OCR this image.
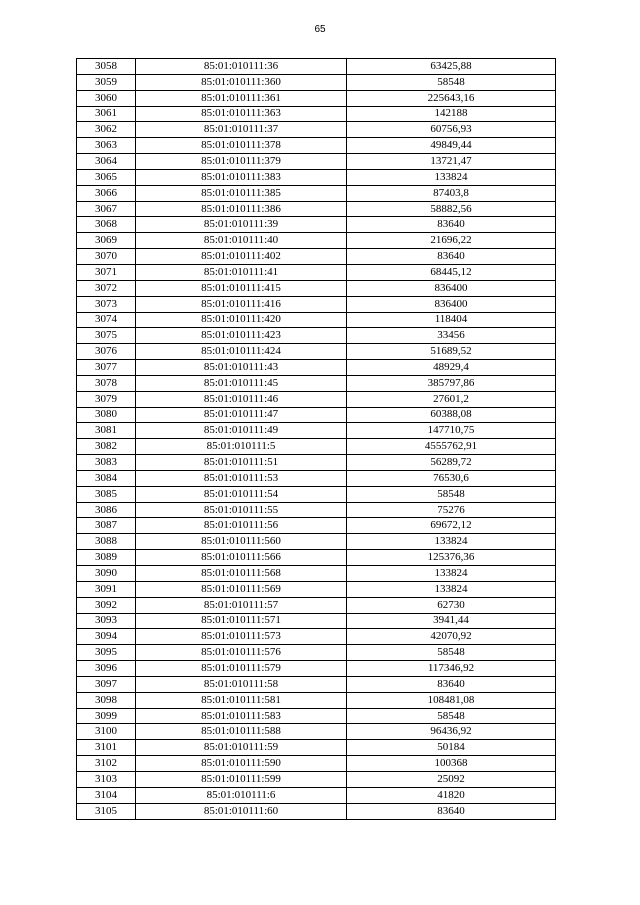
65
3058	85:01:010111:36	63425,88
3059	85:01:010111:360	58548
3060	85:01:010111:361	225643,16
3061	85:01:010111:363	142188
3062	85:01:010111:37	60756,93
3063	85:01:010111:378	49849,44
3064	85:01:010111:379	13721,47
3065	85:01:010111:383	133824
3066	85:01:010111:385	87403,8
3067	85:01:010111:386	58882,56
3068	85:01:010111:39	83640
3069	85:01:010111:40	21696,22
3070	85:01:010111:402	83640
3071	85:01:010111:41	68445,12
3072	85:01:010111:415	836400
3073	85:01:010111:416	836400
3074	85:01:010111:420	118404
3075	85:01:010111:423	33456
3076	85:01:010111:424	51689,52
3077	85:01:010111:43	48929,4
3078	85:01:010111:45	385797,86
3079	85:01:010111:46	27601,2
3080	85:01:010111:47	60388,08
3081	85:01:010111:49	147710,75
3082	85:01:010111:5	4555762,91
3083	85:01:010111:51	56289,72
3084	85:01:010111:53	76530,6
3085	85:01:010111:54	58548
3086	85:01:010111:55	75276
3087	85:01:010111:56	69672,12
3088	85:01:010111:560	133824
3089	85:01:010111:566	125376,36
3090	85:01:010111:568	133824
3091	85:01:010111:569	133824
3092	85:01:010111:57	62730
3093	85:01:010111:571	3941,44
3094	85:01:010111:573	42070,92
3095	85:01:010111:576	58548
3096	85:01:010111:579	117346,92
3097	85:01:010111:58	83640
3098	85:01:010111:581	108481,08
3099	85:01:010111:583	58548
3100	85:01:010111:588	96436,92
3101	85:01:010111:59	50184
3102	85:01:010111:590	100368
3103	85:01:010111:599	25092
3104	85:01:010111:6	41820
3105	85:01:010111:60	83640
